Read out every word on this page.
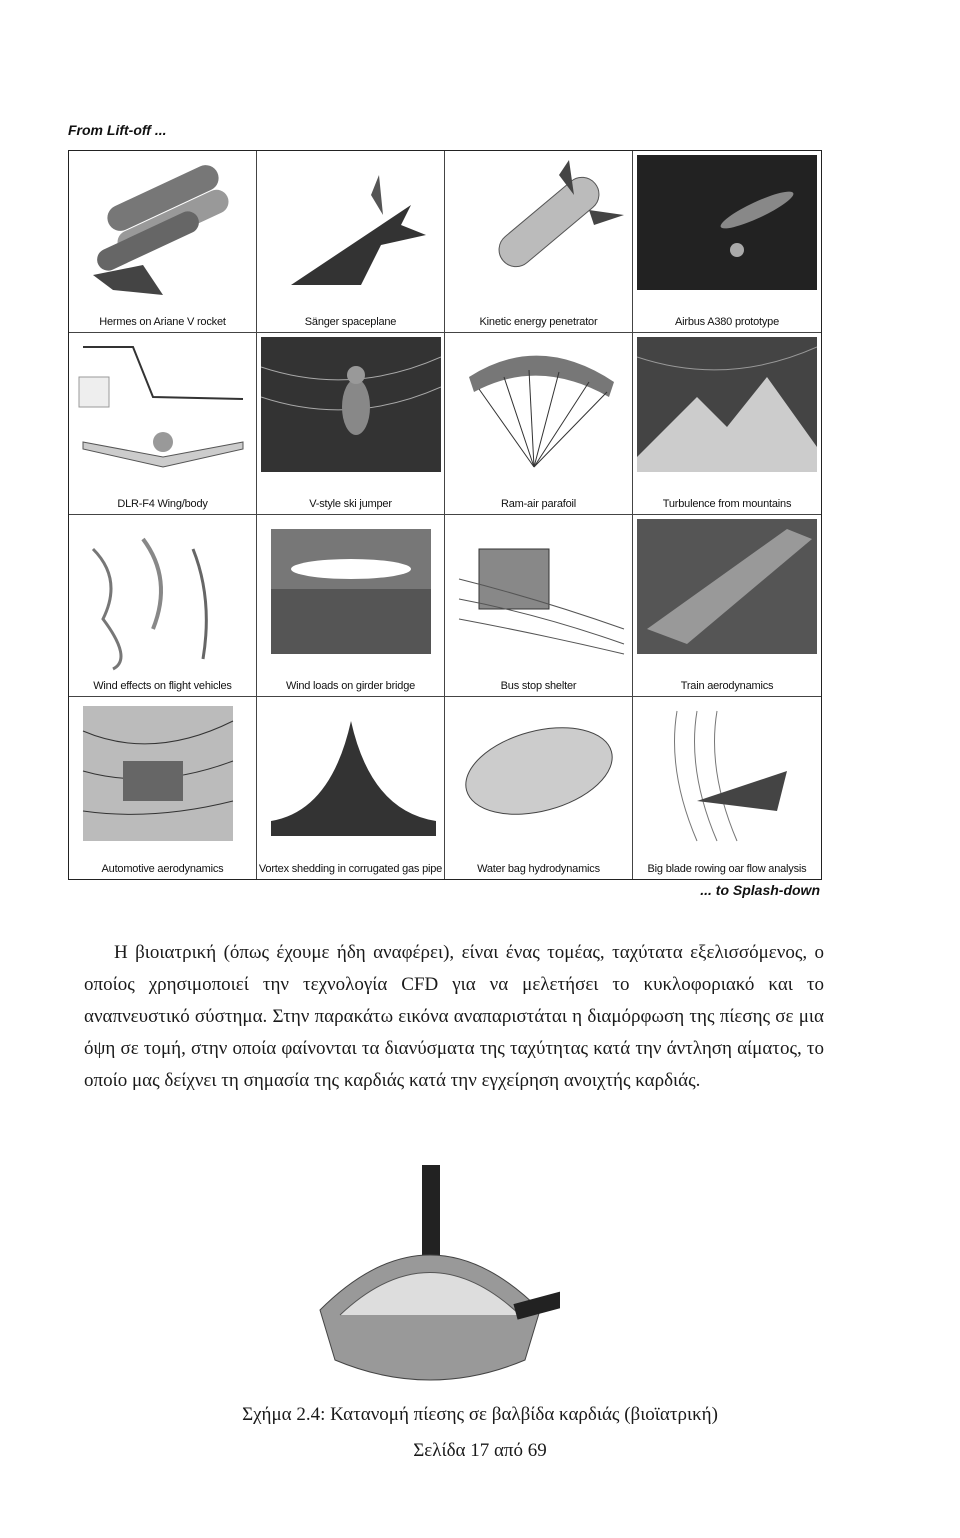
From Lift-off ...
Hermes on Ariane V rocket	Sänger spaceplane	Kinetic energy penetrator	Airbus A380 prototype
DLR-F4 Wing/body	V-style ski jumper	Ram-air parafoil	Turbulence from mountains
Wind effects on flight vehicles	Wind loads on girder bridge	Bus stop shelter	Train aerodynamics
Automotive aerodynamics	Vortex shedding in corrugated gas pipe	Water bag hydrodynamics	Big blade rowing oar flow analysis
... to Splash-down

Η βιοιατρική (όπως έχουμε ήδη αναφέρει), είναι ένας τομέας, ταχύτατα εξελισσόμενος, ο οποίος χρησιμοποιεί την τεχνολογία CFD για να μελετήσει το κυκλοφοριακό και το αναπνευστικό σύστημα. Στην παρακάτω εικόνα αναπαριστάται η διαμόρφωση της πίεσης σε μια όψη σε τομή, στην οποία φαίνονται τα διανύσματα της ταχύτητας κατά την άντληση αίματος, το οποίο μας δείχνει τη σημασία της καρδιάς κατά την εγχείρηση ανοιχτής καρδιάς.

Σχήμα 2.4: Κατανομή πίεσης σε βαλβίδα καρδιάς (βιοϊατρική)
Σελίδα 17 από 69
